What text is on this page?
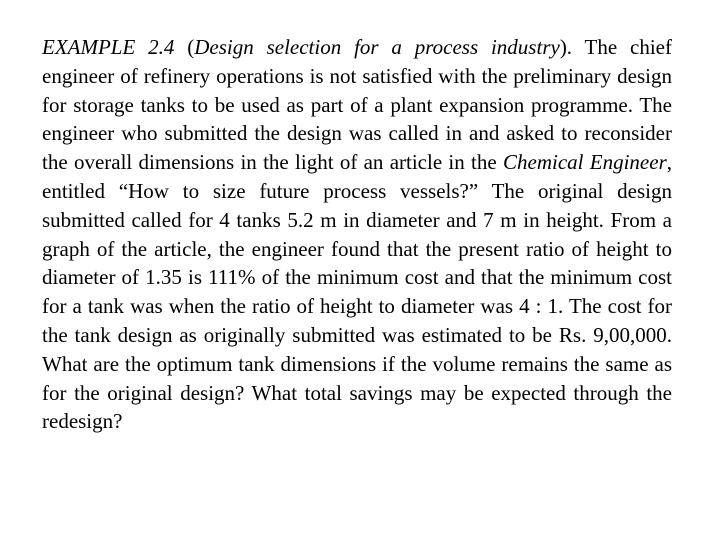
EXAMPLE 2.4 (Design selection for a process industry). The chief engineer of refinery operations is not satisfied with the preliminary design for storage tanks to be used as part of a plant expansion programme. The engineer who submitted the design was called in and asked to reconsider the overall dimensions in the light of an article in the Chemical Engineer, entitled “How to size future process vessels?” The original design submitted called for 4 tanks 5.2 m in diameter and 7 m in height. From a graph of the article, the engineer found that the present ratio of height to diameter of 1.35 is 111% of the minimum cost and that the minimum cost for a tank was when the ratio of height to diameter was 4 : 1. The cost for the tank design as originally submitted was estimated to be Rs. 9,00,000. What are the optimum tank dimensions if the volume remains the same as for the original design? What total savings may be expected through the redesign?
